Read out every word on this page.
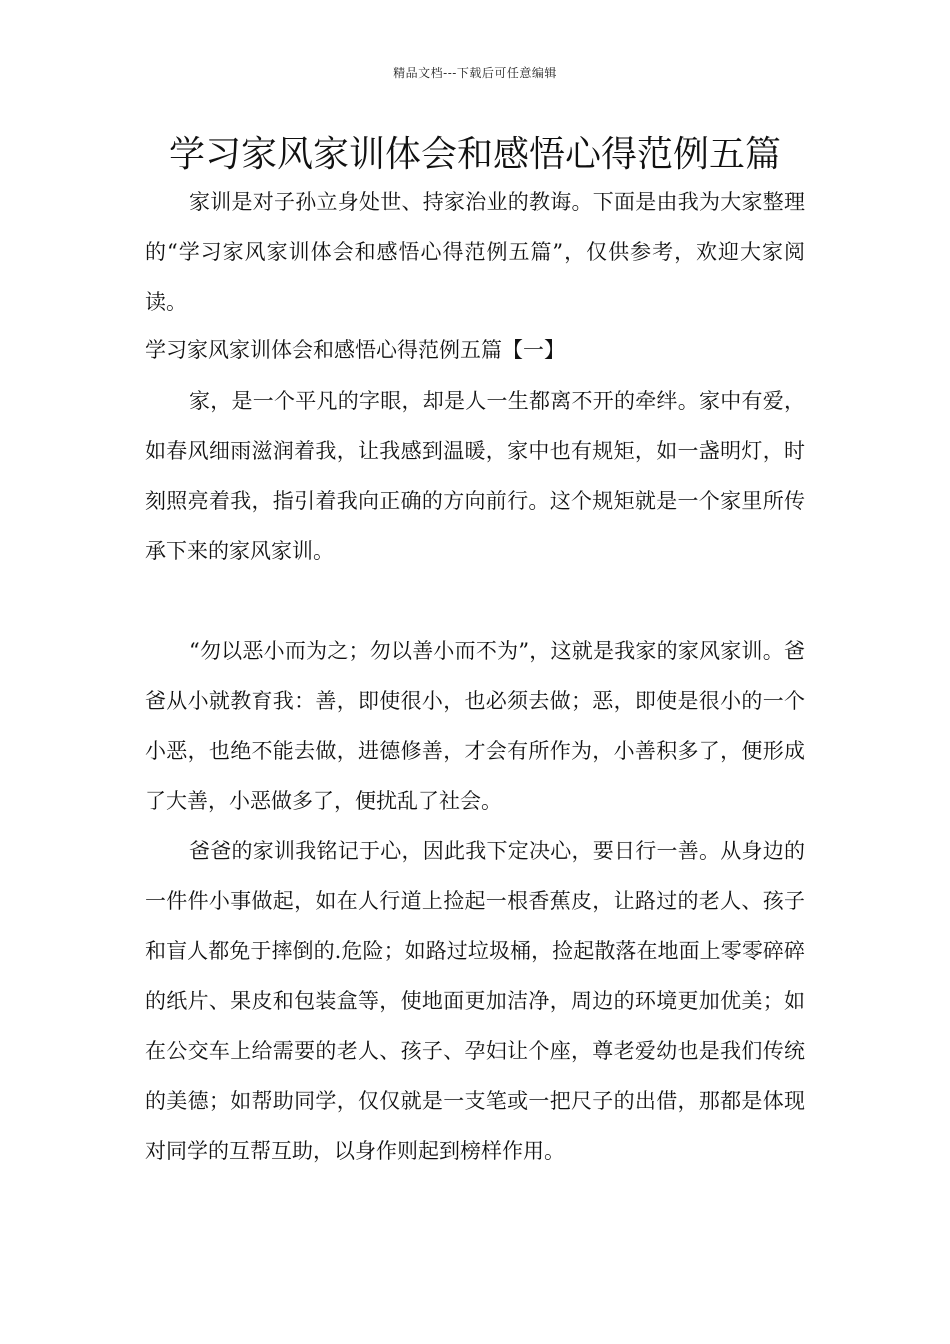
精品文档---下载后可任意编辑
学习家风家训体会和感悟心得范例五篇

家训是对子孙立身处世、持家治业的教诲。下面是由我为大家整理的“学习家风家训体会和感悟心得范例五篇”，仅供参考，欢迎大家阅读。

学习家风家训体会和感悟心得范例五篇【一】

家，是一个平凡的字眼，却是人一生都离不开的牵绊。家中有爱，如春风细雨滋润着我，让我感到温暖，家中也有规矩，如一盏明灯，时刻照亮着我，指引着我向正确的方向前行。这个规矩就是一个家里所传承下来的家风家训。

“勿以恶小而为之；勿以善小而不为”，这就是我家的家风家训。爸爸从小就教育我：善，即使很小，也必须去做；恶，即使是很小的一个小恶，也绝不能去做，进德修善，才会有所作为，小善积多了，便形成了大善，小恶做多了，便扰乱了社会。

爸爸的家训我铭记于心，因此我下定决心，要日行一善。从身边的一件件小事做起，如在人行道上捡起一根香蕉皮，让路过的老人、孩子和盲人都免于摔倒的.危险；如路过垃圾桶，捡起散落在地面上零零碎碎的纸片、果皮和包装盒等，使地面更加洁净，周边的环境更加优美；如在公交车上给需要的老人、孩子、孕妇让个座，尊老爱幼也是我们传统的美德；如帮助同学，仅仅就是一支笔或一把尺子的出借，那都是体现对同学的互帮互助，以身作则起到榜样作用。
